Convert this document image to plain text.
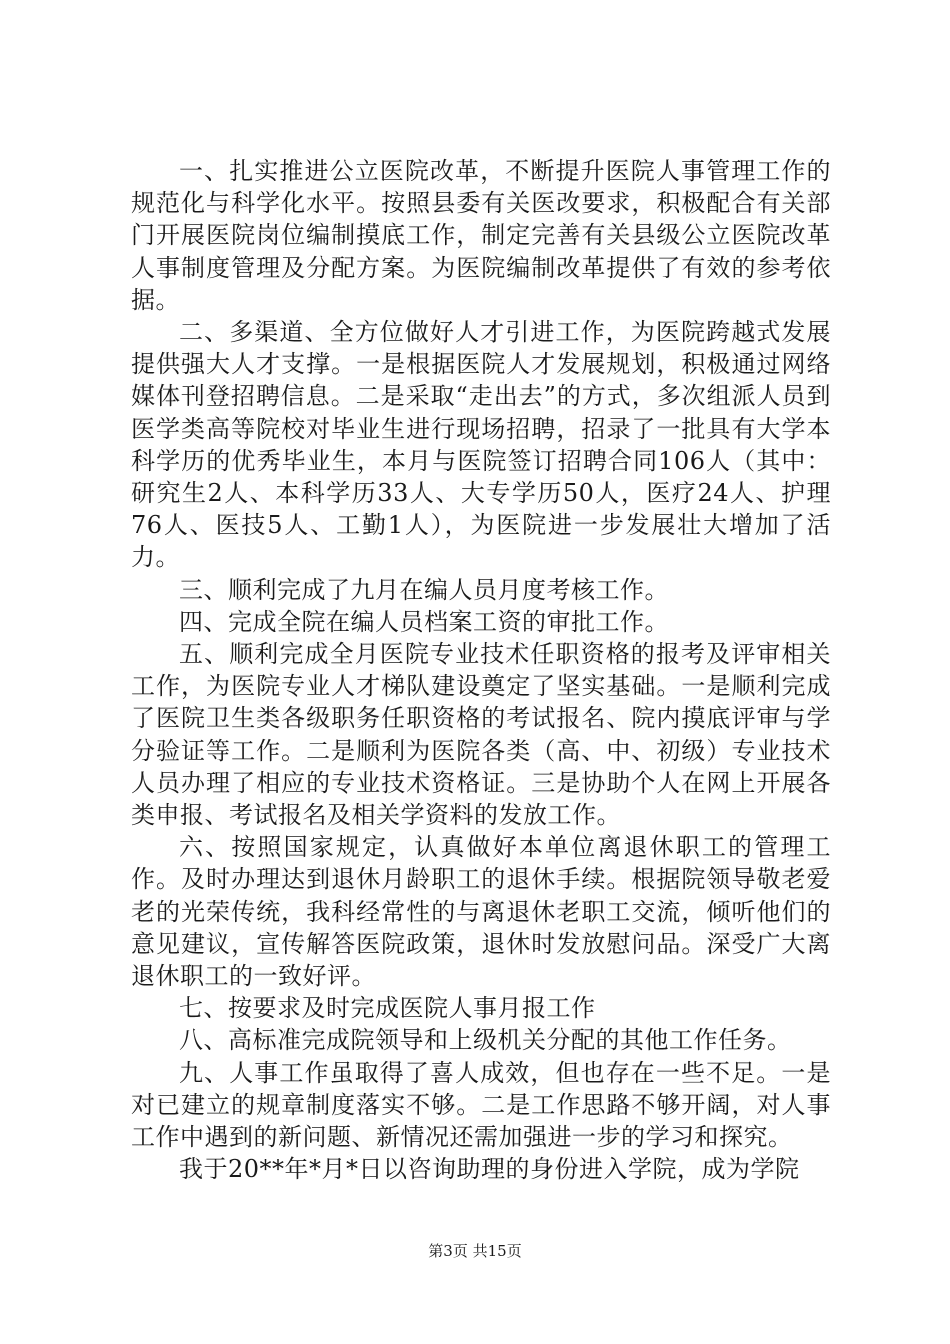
一、扎实推进公立医院改革，不断提升医院人事管理工作的规范化与科学化水平。按照县委有关医改要求，积极配合有关部门开展医院岗位编制摸底工作，制定完善有关县级公立医院改革人事制度管理及分配方案。为医院编制改革提供了有效的参考依据。

二、多渠道、全方位做好人才引进工作，为医院跨越式发展提供强大人才支撑。一是根据医院人才发展规划，积极通过网络媒体刊登招聘信息。二是采取“走出去”的方式，多次组派人员到医学类高等院校对毕业生进行现场招聘，招录了一批具有大学本科学历的优秀毕业生，本月与医院签订招聘合同106人（其中：研究生2人、本科学历33人、大专学历50人，医疗24人、护理76人、医技5人、工勤1人），为医院进一步发展壮大增加了活力。

三、顺利完成了九月在编人员月度考核工作。

四、完成全院在编人员档案工资的审批工作。

五、顺利完成全月医院专业技术任职资格的报考及评审相关工作，为医院专业人才梯队建设奠定了坚实基础。一是顺利完成了医院卫生类各级职务任职资格的考试报名、院内摸底评审与学分验证等工作。二是顺利为医院各类（高、中、初级）专业技术人员办理了相应的专业技术资格证。三是协助个人在网上开展各类申报、考试报名及相关学资料的发放工作。

六、按照国家规定，认真做好本单位离退休职工的管理工作。及时办理达到退休月龄职工的退休手续。根据院领导敬老爱老的光荣传统，我科经常性的与离退休老职工交流，倾听他们的意见建议，宣传解答医院政策，退休时发放慰问品。深受广大离退休职工的一致好评。

七、按要求及时完成医院人事月报工作

八、高标准完成院领导和上级机关分配的其他工作任务。

九、人事工作虽取得了喜人成效，但也存在一些不足。一是对已建立的规章制度落实不够。二是工作思路不够开阔，对人事工作中遇到的新问题、新情况还需加强进一步的学习和探究。

我于20**年*月*日以咨询助理的身份进入学院，成为学院

第3页 共15页
